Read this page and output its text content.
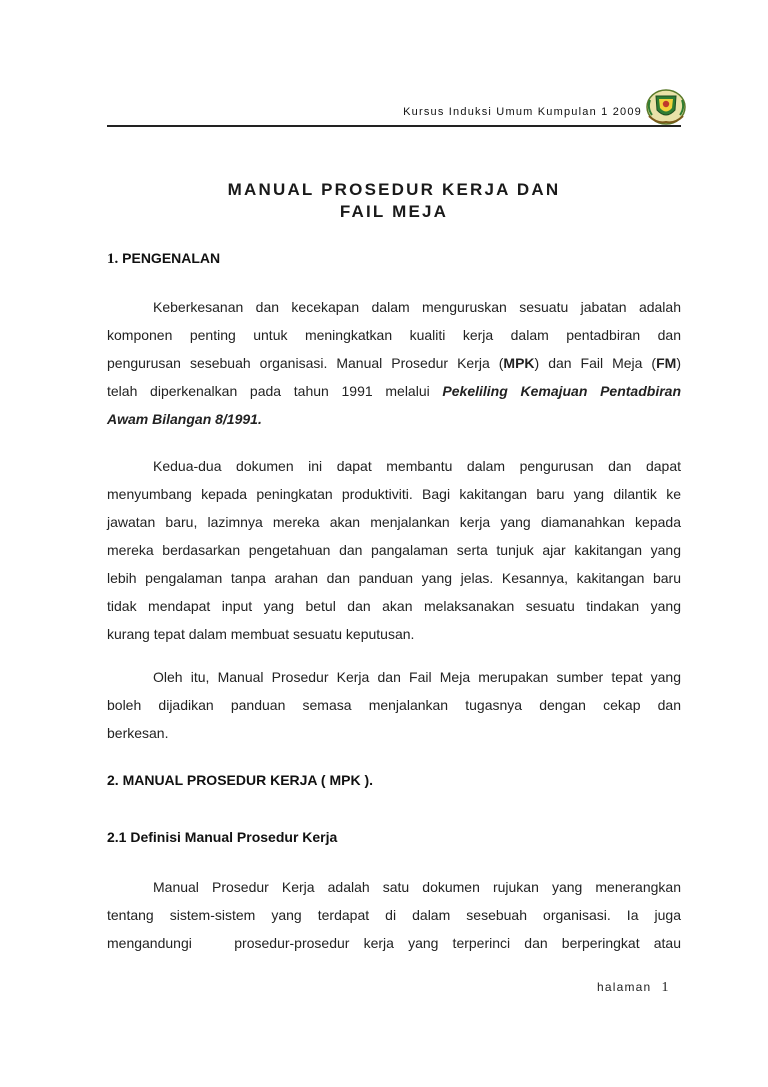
Kursus Induksi Umum Kumpulan 1 2009
MANUAL PROSEDUR KERJA DAN
FAIL MEJA
1. PENGENALAN
Keberkesanan dan kecekapan dalam menguruskan sesuatu jabatan adalah
komponen penting untuk meningkatkan kualiti kerja dalam pentadbiran dan
pengurusan sesebuah organisasi. Manual Prosedur Kerja (MPK) dan Fail Meja (FM)
telah diperkenalkan pada tahun 1991 melalui Pekeliling Kemajuan Pentadbiran
Awam Bilangan 8/1991.
Kedua-dua dokumen ini dapat membantu dalam pengurusan dan dapat
menyumbang kepada peningkatan produktiviti. Bagi kakitangan baru yang dilantik ke
jawatan baru, lazimnya mereka akan menjalankan kerja yang diamanahkan kepada
mereka berdasarkan pengetahuan dan pangalaman serta tunjuk ajar kakitangan yang
lebih pengalaman tanpa arahan dan panduan yang jelas. Kesannya, kakitangan baru
tidak mendapat input yang betul dan akan melaksanakan sesuatu tindakan yang
kurang tepat dalam membuat sesuatu keputusan.
Oleh itu, Manual Prosedur Kerja dan Fail Meja merupakan sumber tepat yang
boleh dijadikan panduan semasa menjalankan tugasnya dengan cekap dan
berkesan.
2. MANUAL PROSEDUR KERJA ( MPK ).
2.1 Definisi Manual Prosedur Kerja
Manual Prosedur Kerja adalah satu dokumen rujukan yang menerangkan
tentang sistem-sistem yang terdapat di dalam sesebuah organisasi. Ia juga
mengandungi   prosedur-prosedur kerja yang terperinci dan berperingkat atau
halaman 1
